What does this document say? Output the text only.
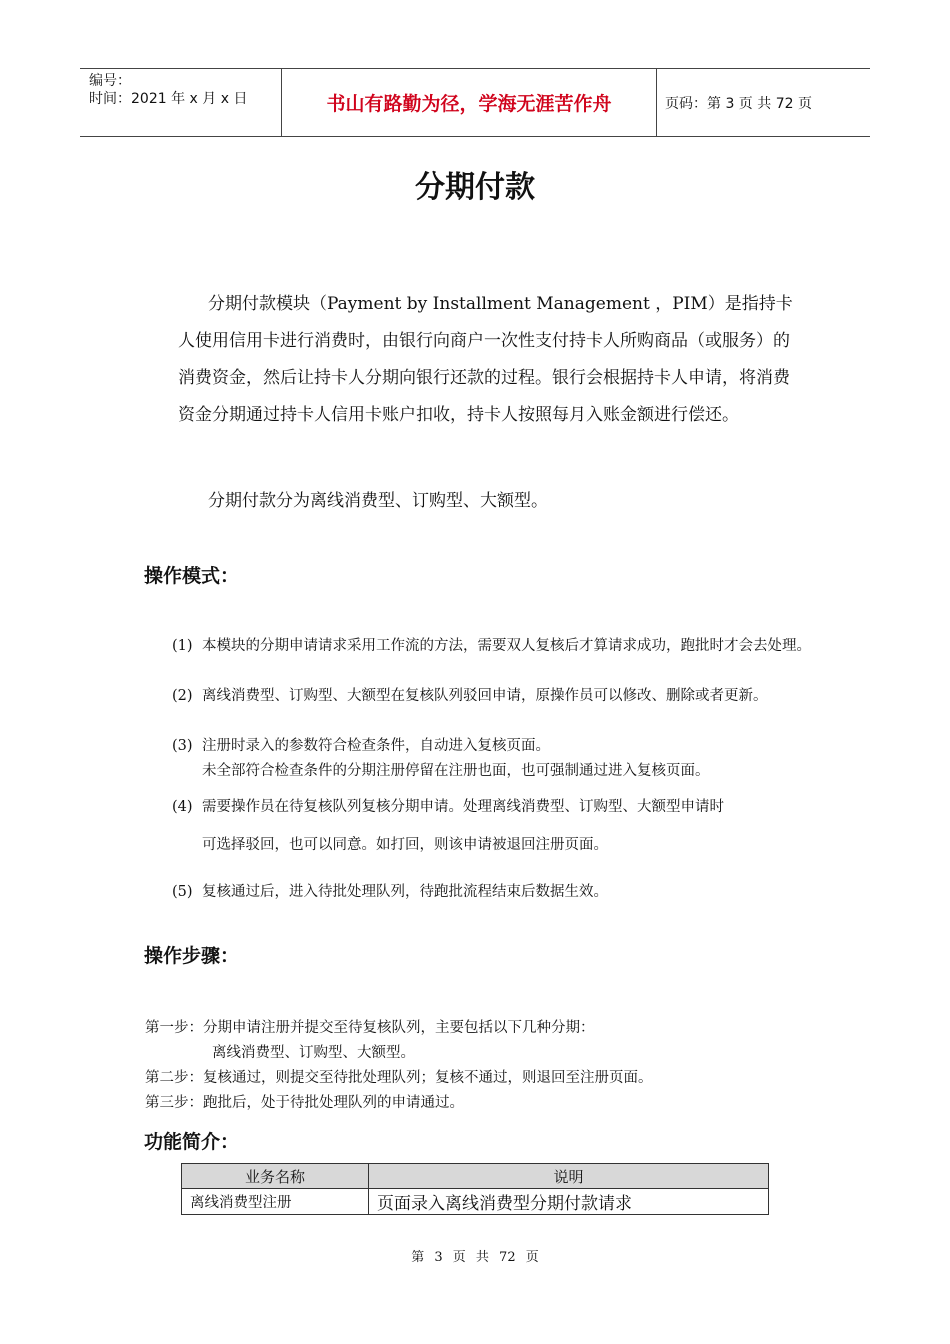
编号：
时间：2021 年 x 月 x 日	书山有路勤为径，学海无涯苦作舟	页码：第 3 页 共 72 页
分期付款
分期付款模块（Payment by Installment Management ，PIM）是指持卡人使用信用卡进行消费时，由银行向商户一次性支付持卡人所购商品（或服务）的消费资金，然后让持卡人分期向银行还款的过程。银行会根据持卡人申请，将消费资金分期通过持卡人信用卡账户扣收，持卡人按照每月入账金额进行偿还。
分期付款分为离线消费型、订购型、大额型。
操作模式：
(1) 本模块的分期申请请求采用工作流的方法，需要双人复核后才算请求成功，跑批时才会去处理。
(2) 离线消费型、订购型、大额型在复核队列驳回申请，原操作员可以修改、删除或者更新。
(3) 注册时录入的参数符合检查条件，自动进入复核页面。
未全部符合检查条件的分期注册停留在注册也面，也可强制通过进入复核页面。
(4) 需要操作员在待复核队列复核分期申请。处理离线消费型、订购型、大额型申请时
可选择驳回，也可以同意。如打回，则该申请被退回注册页面。
(5) 复核通过后，进入待批处理队列，待跑批流程结束后数据生效。
操作步骤：
第一步：分期申请注册并提交至待复核队列，主要包括以下几种分期：
离线消费型、订购型、大额型。
第二步：复核通过，则提交至待批处理队列；复核不通过，则退回至注册页面。
第三步：跑批后，处于待批处理队列的申请通过。
功能简介：
业务名称	说明
离线消费型注册	页面录入离线消费型分期付款请求
第 3 页 共 72 页
